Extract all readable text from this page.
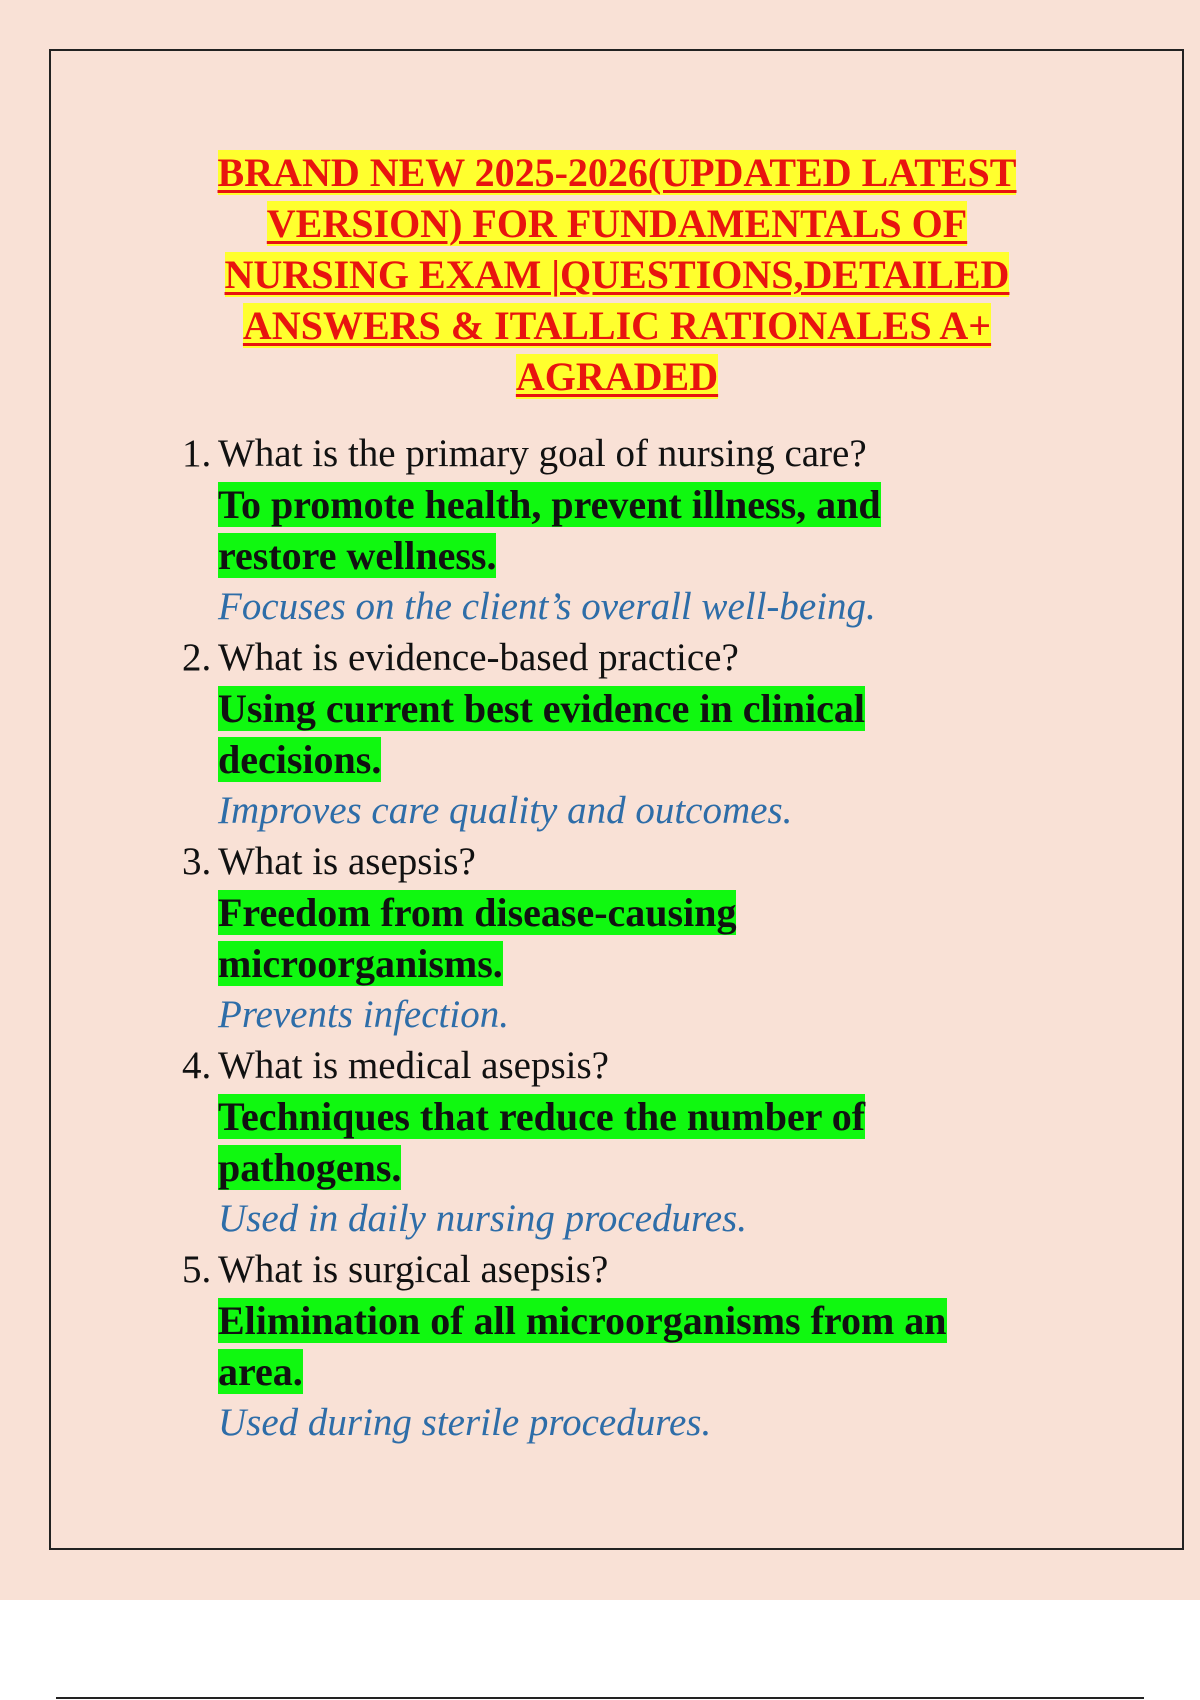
BRAND NEW 2025-2026(UPDATED LATEST
VERSION) FOR FUNDAMENTALS OF
NURSING EXAM |QUESTIONS,DETAILED
ANSWERS & ITALLIC RATIONALES A+
AGRADED
1. What is the primary goal of nursing care?
To promote health, prevent illness, and
restore wellness.
Focuses on the client’s overall well-being.
2. What is evidence-based practice?
Using current best evidence in clinical
decisions.
Improves care quality and outcomes.
3. What is asepsis?
Freedom from disease-causing
microorganisms.
Prevents infection.
4. What is medical asepsis?
Techniques that reduce the number of
pathogens.
Used in daily nursing procedures.
5. What is surgical asepsis?
Elimination of all microorganisms from an
area.
Used during sterile procedures.
